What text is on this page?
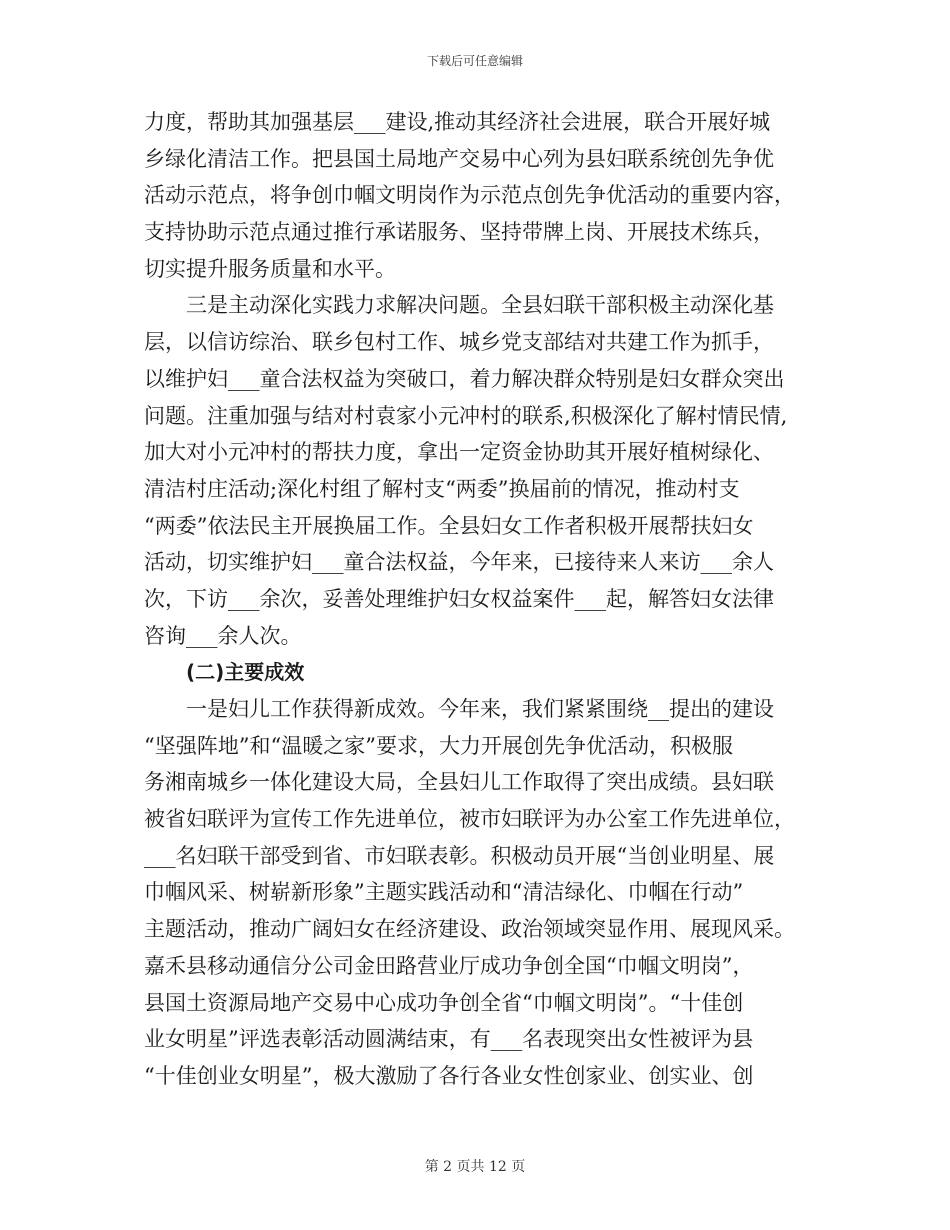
下载后可任意编辑
力度，帮助其加强基层___建设,推动其经济社会进展，联合开展好城
乡绿化清洁工作。把县国土局地产交易中心列为县妇联系统创先争优
活动示范点，将争创巾帼文明岗作为示范点创先争优活动的重要内容，
支持协助示范点通过推行承诺服务、坚持带牌上岗、开展技术练兵，
切实提升服务质量和水平。
三是主动深化实践力求解决问题。全县妇联干部积极主动深化基
层，以信访综治、联乡包村工作、城乡党支部结对共建工作为抓手，
以维护妇___童合法权益为突破口，着力解决群众特别是妇女群众突出
问题。注重加强与结对村袁家小元冲村的联系,积极深化了解村情民情,
加大对小元冲村的帮扶力度，拿出一定资金协助其开展好植树绿化、
清洁村庄活动;深化村组了解村支“两委”换届前的情况，推动村支
“两委”依法民主开展换届工作。全县妇女工作者积极开展帮扶妇女
活动，切实维护妇___童合法权益，今年来，已接待来人来访___余人
次，下访___余次，妥善处理维护妇女权益案件___起，解答妇女法律
咨询___余人次。
(二)主要成效
一是妇儿工作获得新成效。今年来，我们紧紧围绕__提出的建设
“坚强阵地”和“温暖之家”要求，大力开展创先争优活动，积极服
务湘南城乡一体化建设大局，全县妇儿工作取得了突出成绩。县妇联
被省妇联评为宣传工作先进单位，被市妇联评为办公室工作先进单位，
___名妇联干部受到省、市妇联表彰。积极动员开展“当创业明星、展
巾帼风采、树崭新形象”主题实践活动和“清洁绿化、巾帼在行动”
主题活动，推动广阔妇女在经济建设、政治领域突显作用、展现风采。
嘉禾县移动通信分公司金田路营业厅成功争创全国“巾帼文明岗”，
县国土资源局地产交易中心成功争创全省“巾帼文明岗”。“十佳创
业女明星”评选表彰活动圆满结束，有___名表现突出女性被评为县
“十佳创业女明星”，极大激励了各行各业女性创家业、创实业、创
第 2 页共 12 页
